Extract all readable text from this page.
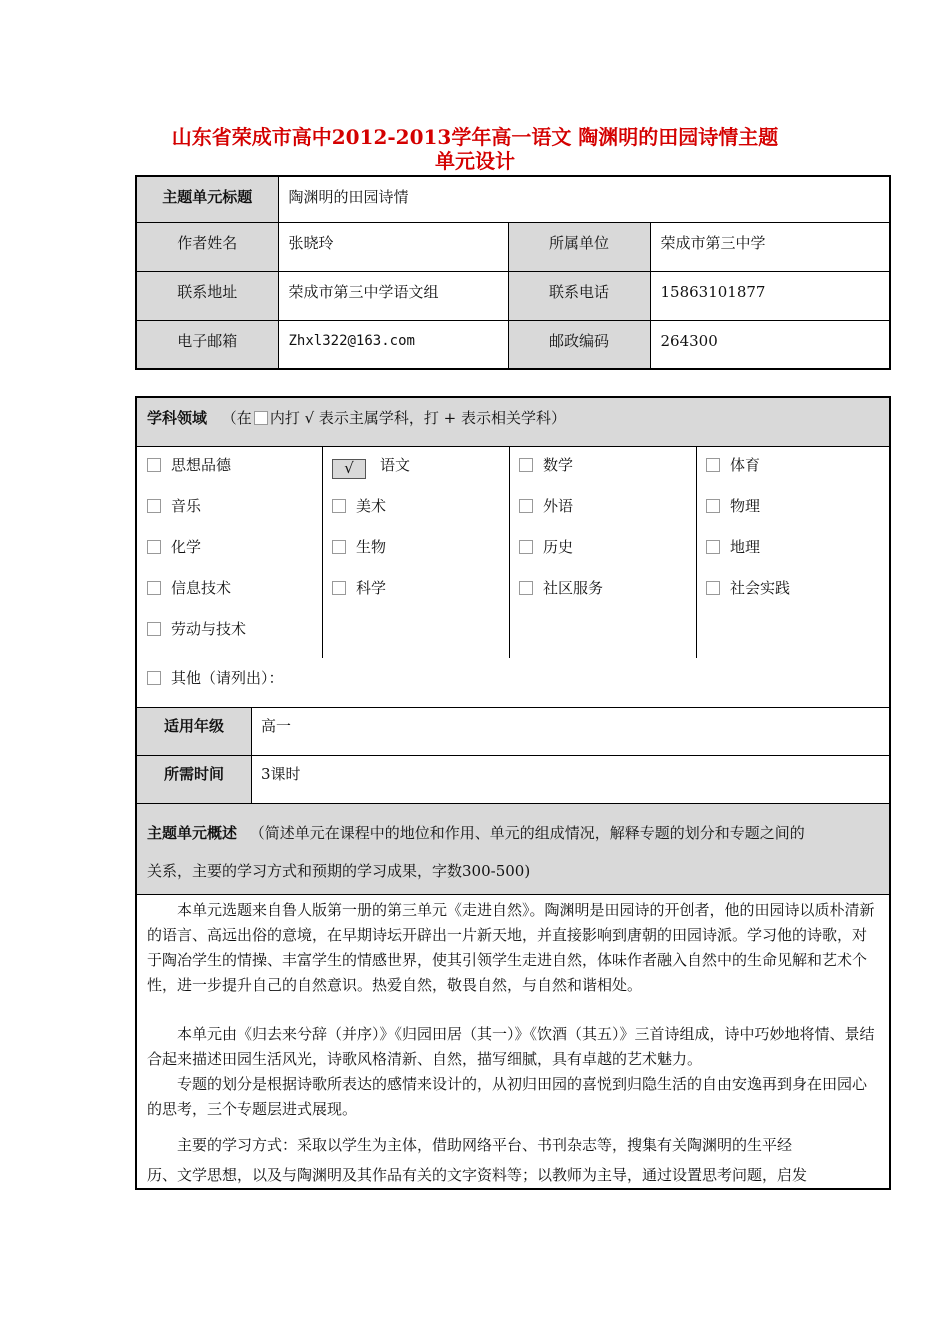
山东省荣成市高中2012-2013学年高一语文 陶渊明的田园诗情主题
单元设计
主题单元标题	陶渊明的田园诗情		
作者姓名	张晓玲	所属单位	荣成市第三中学
联系地址	荣成市第三中学语文组	联系电话	15863101877
电子邮箱	Zhxl322@163.com	邮政编码	264300
学科领域 （在 内打 √ 表示主属学科，打 + 表示相关学科）
思想品德
音乐
化学
信息技术
劳动与技术
√ 语文
美术
生物
科学
数学
外语
历史
社区服务
体育
物理
地理
社会实践
其他（请列出）：
适用年级	高一
所需时间	3课时
主题单元概述 （简述单元在课程中的地位和作用、单元的组成情况，解释专题的划分和专题之间的
关系，主要的学习方式和预期的学习成果，字数300-500)
本单元选题来自鲁人版第一册的第三单元《走进自然》。陶渊明是田园诗的开创者，他的田园诗以质朴清新的语言、高远出俗的意境，在早期诗坛开辟出一片新天地，并直接影响到唐朝的田园诗派。学习他的诗歌，对于陶冶学生的情操、丰富学生的情感世界，使其引领学生走进自然，体味作者融入自然中的生命见解和艺术个性，进一步提升自己的自然意识。热爱自然，敬畏自然，与自然和谐相处。
本单元由《归去来兮辞（并序）》《归园田居（其一）》《饮酒（其五）》三首诗组成，诗中巧妙地将情、景结合起来描述田园生活风光，诗歌风格清新、自然，描写细腻，具有卓越的艺术魅力。
专题的划分是根据诗歌所表达的感情来设计的，从初归田园的喜悦到归隐生活的自由安逸再到身在田园心的思考，三个专题层进式展现。
主要的学习方式：采取以学生为主体，借助网络平台、书刊杂志等，搜集有关陶渊明的生平经
历、文学思想，以及与陶渊明及其作品有关的文字资料等；以教师为主导，通过设置思考问题，启发
